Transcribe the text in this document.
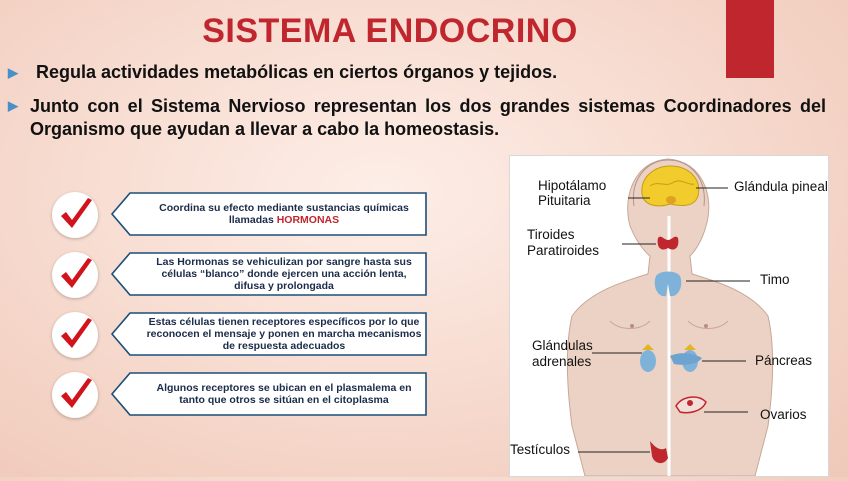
SISTEMA ENDOCRINO
▶ Regula actividades metabólicas en ciertos órganos y tejidos.
▶ Junto con el Sistema Nervioso representan los dos grandes sistemas Coordinadores del Organismo que ayudan a llevar a cabo la homeostasis.
Coordina su efecto mediante sustancias químicas llamadas HORMONAS
Las Hormonas se vehiculizan por sangre hasta sus células “blanco” donde ejercen una acción lenta, difusa y prolongada
Estas células tienen receptores específicos por lo que reconocen el mensaje y ponen en marcha mecanismos de respuesta adecuados
Algunos receptores se ubican en el plasmalema en tanto que otros se sitúan en el citoplasma
Hipotálamo
Pituitaria
Glándula pineal
Tiroides
Paratiroides
Timo
Glándulas
adrenales	Páncreas
Ovarios
Testículos
